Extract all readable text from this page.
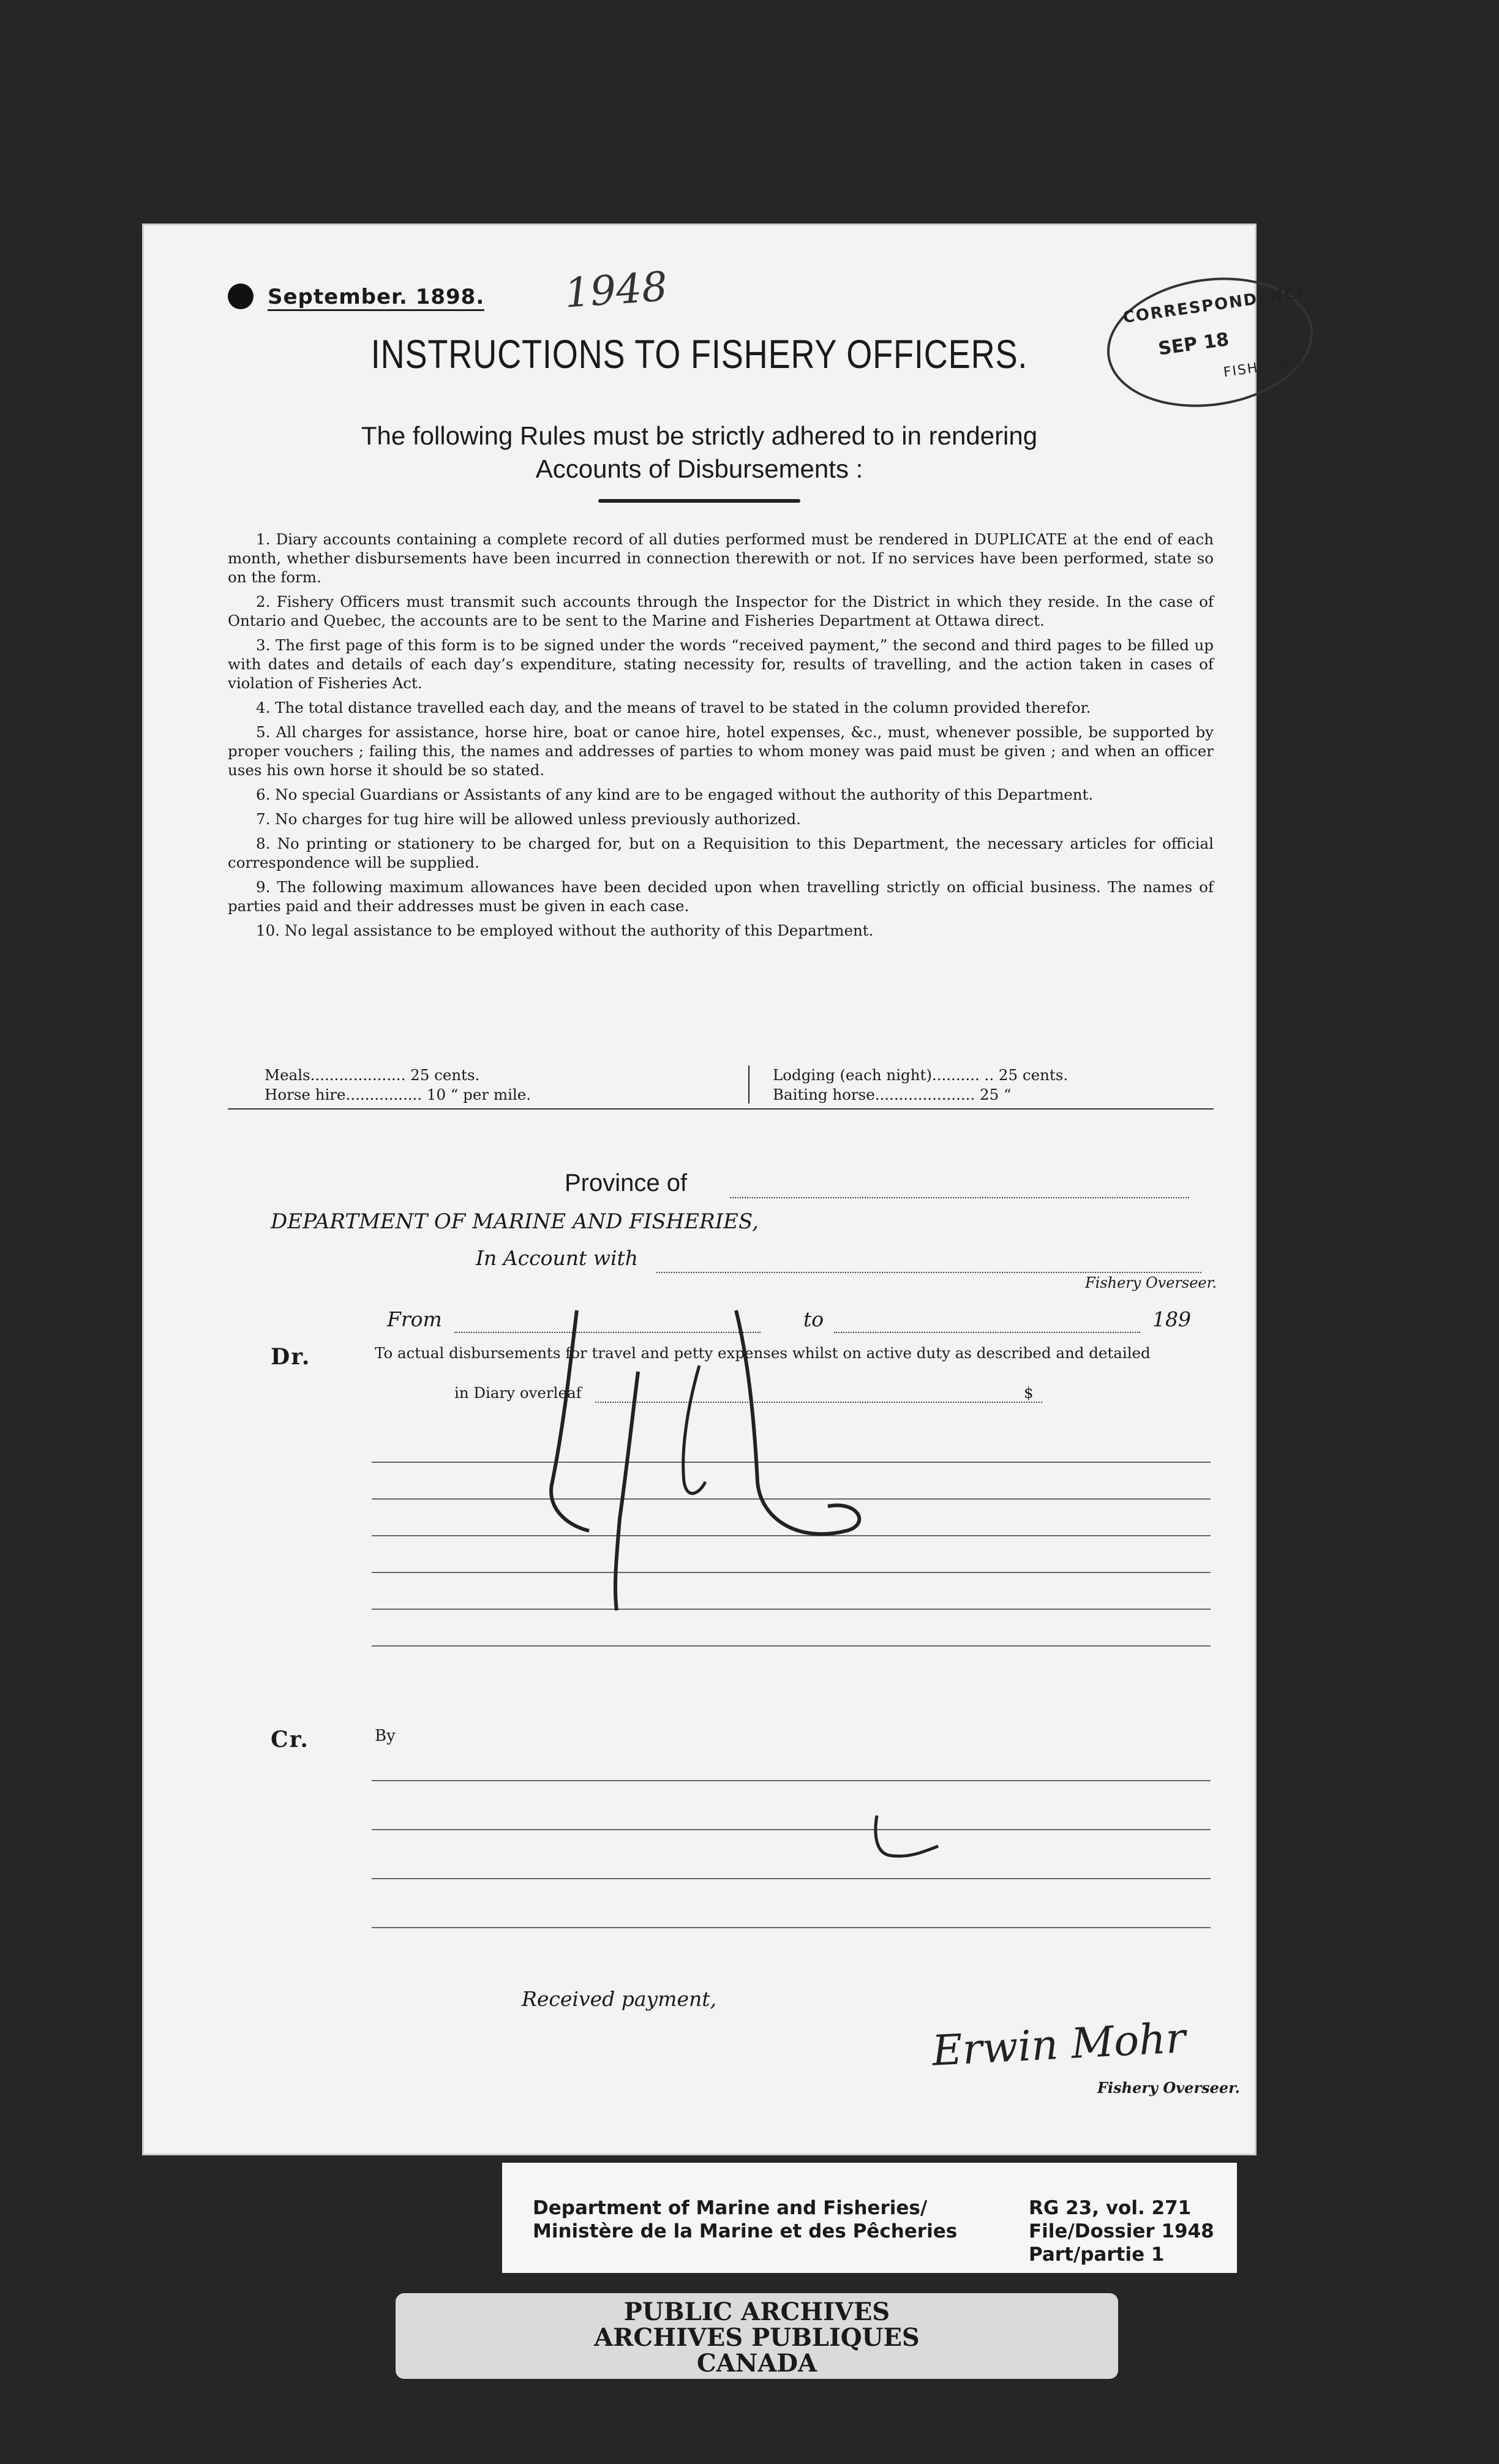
September. 1898. 1948	CORRESPONDENCE
SEP 18
FISHERIES
INSTRUCTIONS TO FISHERY OFFICERS.
The following Rules must be strictly adhered to in rendering
Accounts of Disbursements :

1. Diary accounts containing a complete record of all duties performed must be rendered in DUPLICATE at the end of each month, whether disbursements have been incurred in connection therewith or not. If no services have been performed, state so on the form.

2. Fishery Officers must transmit such accounts through the Inspector for the District in which they reside. In the case of Ontario and Quebec, the accounts are to be sent to the Marine and Fisheries Department at Ottawa direct.

3. The first page of this form is to be signed under the words “received payment,” the second and third pages to be filled up with dates and details of each day’s expenditure, stating necessity for, results of travelling, and the action taken in cases of violation of Fisheries Act.

4. The total distance travelled each day, and the means of travel to be stated in the column provided therefor.

5. All charges for assistance, horse hire, boat or canoe hire, hotel expenses, &c., must, whenever possible, be supported by proper vouchers ; failing this, the names and addresses of parties to whom money was paid must be given ; and when an officer uses his own horse it should be so stated.

6. No special Guardians or Assistants of any kind are to be engaged without the authority of this Department.

7. No charges for tug hire will be allowed unless previously authorized.

8. No printing or stationery to be charged for, but on a Requisition to this Department, the necessary articles for official correspondence will be supplied.

9. The following maximum allowances have been decided upon when travelling strictly on official business. The names of parties paid and their addresses must be given in each case.

10. No legal assistance to be employed without the authority of this Department.

Meals.................... 25 cents.
Horse hire................ 10 “ per mile.
Lodging (each night).......... .. 25 cents.
Baiting horse..................... 25 “
Province of
DEPARTMENT OF MARINE AND FISHERIES,
In Account with
Fishery Overseer.
From	to	189
Dr.	To actual disbursements for travel and petty expenses whilst on active duty as described and detailed
in Diary overleaf	$
Cr.	By
Received payment,
Erwin Mohr
Fishery Overseer.
Department of Marine and Fisheries/
Ministère de la Marine et des Pêcheries
RG 23, vol. 271
File/Dossier 1948
Part/partie 1
PUBLIC ARCHIVES
ARCHIVES PUBLIQUES
CANADA
